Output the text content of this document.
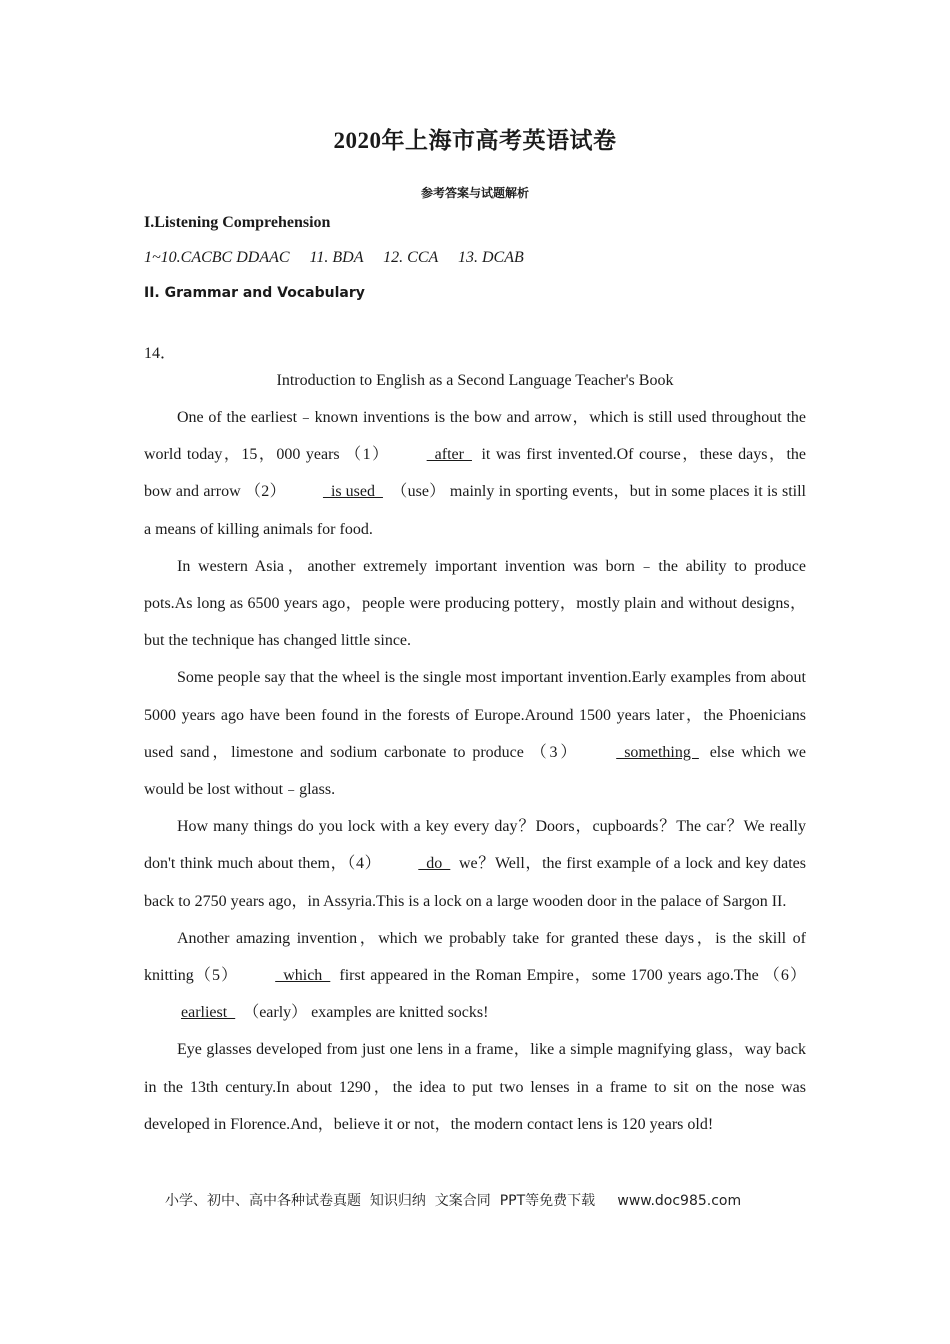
2020年上海市高考英语试卷
参考答案与试题解析
I.Listening Comprehension
1~10.CACBC DDAAC     11. BDA     12. CCA     13. DCAB
II. Grammar and Vocabulary
14．
Introduction to English as a Second Language Teacher's Book

One of the earliest﹣known inventions is the bow and arrow，which is still used throughout the world today，15，000 years （1）  after   it was first invented.Of course，these days，the bow and arrow （2）  is used   （use） mainly in sporting events，but in some places it is still a means of killing animals for food.

In western Asia，another extremely important invention was born﹣the ability to produce pots.As long as 6500 years ago，people were producing pottery，mostly plain and without designs，but the technique has changed little since.

Some people say that the wheel is the single most important invention.Early examples from about 5000 years ago have been found in the forests of Europe.Around 1500 years later，the Phoenicians used sand，limestone and sodium carbonate to produce （3）  something   else which we would be lost without﹣glass.

How many things do you lock with a key every day？Doors，cupboards？The car？We really don't think much about them，（4）  do   we？Well，the first example of a lock and key dates back to 2750 years ago，in Assyria.This is a lock on a large wooden door in the palace of Sargon II.

Another amazing invention，which we probably take for granted these days，is the skill of knitting（5）  which   first appeared in the Roman Empire，some 1700 years ago.The （6）earliest   （early） examples are knitted socks!

Eye glasses developed from just one lens in a frame，like a simple magnifying glass，way back in the 13th century.In about 1290，the idea to put two lenses in a frame to sit on the nose was developed in Florence.And，believe it or not，the modern contact lens is 120 years old!

小学、初中、高中各种试卷真题  知识归纳  文案合同  PPT等免费下载     www.doc985.com
